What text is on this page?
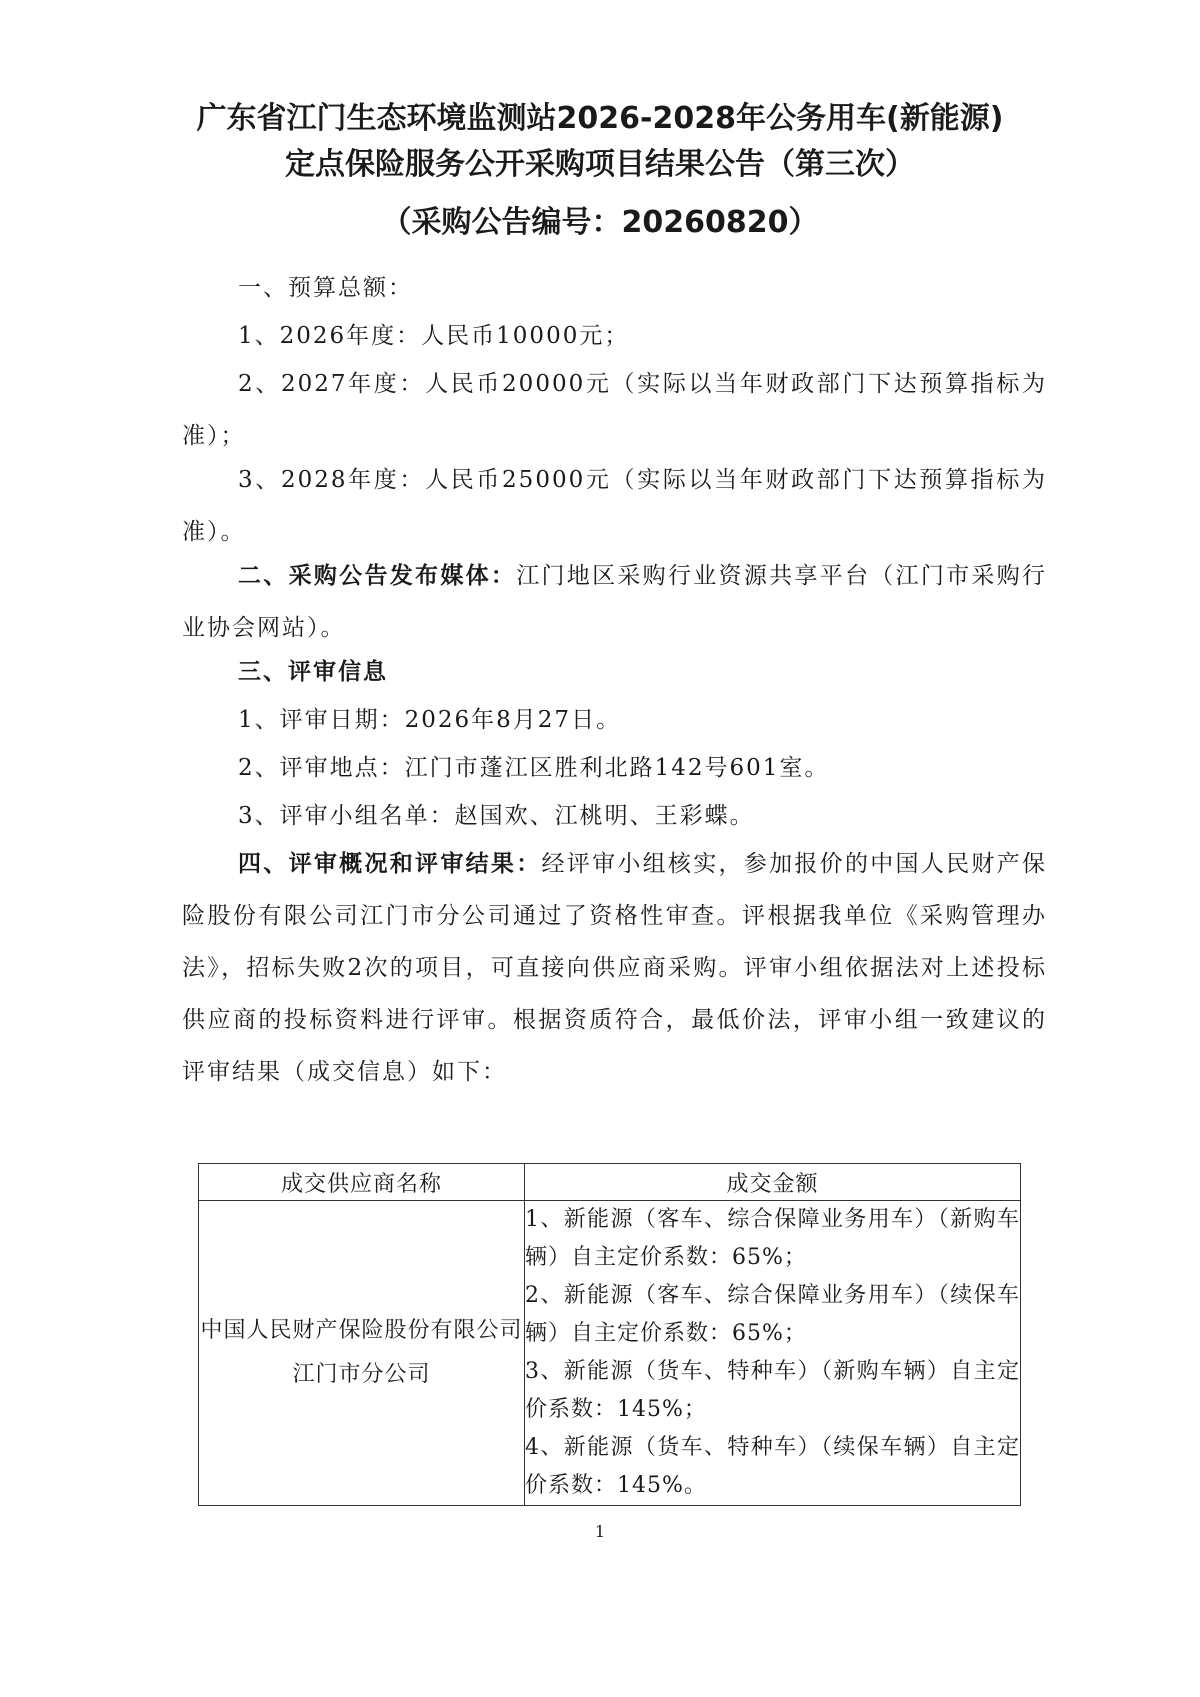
广东省江门生态环境监测站2026-2028年公务用车(新能源)
定点保险服务公开采购项目结果公告（第三次）
（采购公告编号：20260820）

一、预算总额：

1、2026年度：人民币10000元；

2、2027年度：人民币20000元（实际以当年财政部门下达预算指标为准）；

3、2028年度：人民币25000元（实际以当年财政部门下达预算指标为准）。

二、采购公告发布媒体：江门地区采购行业资源共享平台（江门市采购行业协会网站）。

三、评审信息

1、评审日期：2026年8月27日。

2、评审地点：江门市蓬江区胜利北路142号601室。

3、评审小组名单：赵国欢、江桃明、王彩蝶。

四、评审概况和评审结果：经评审小组核实，参加报价的中国人民财产保险股份有限公司江门市分公司通过了资格性审查。评根据我单位《采购管理办法》，招标失败2次的项目，可直接向供应商采购。评审小组依据法对上述投标供应商的投标资料进行评审。根据资质符合，最低价法，评审小组一致建议的评审结果（成交信息）如下：

成交供应商名称	成交金额
中国人民财产保险股份有限公司江门市分公司	1、新能源（客车、综合保障业务用车）（新购车辆）自主定价系数：65%；
2、新能源（客车、综合保障业务用车）（续保车辆）自主定价系数：65%；
3、新能源（货车、特种车）（新购车辆）自主定价系数：145%；
4、新能源（货车、特种车）（续保车辆）自主定价系数：145%。
1
